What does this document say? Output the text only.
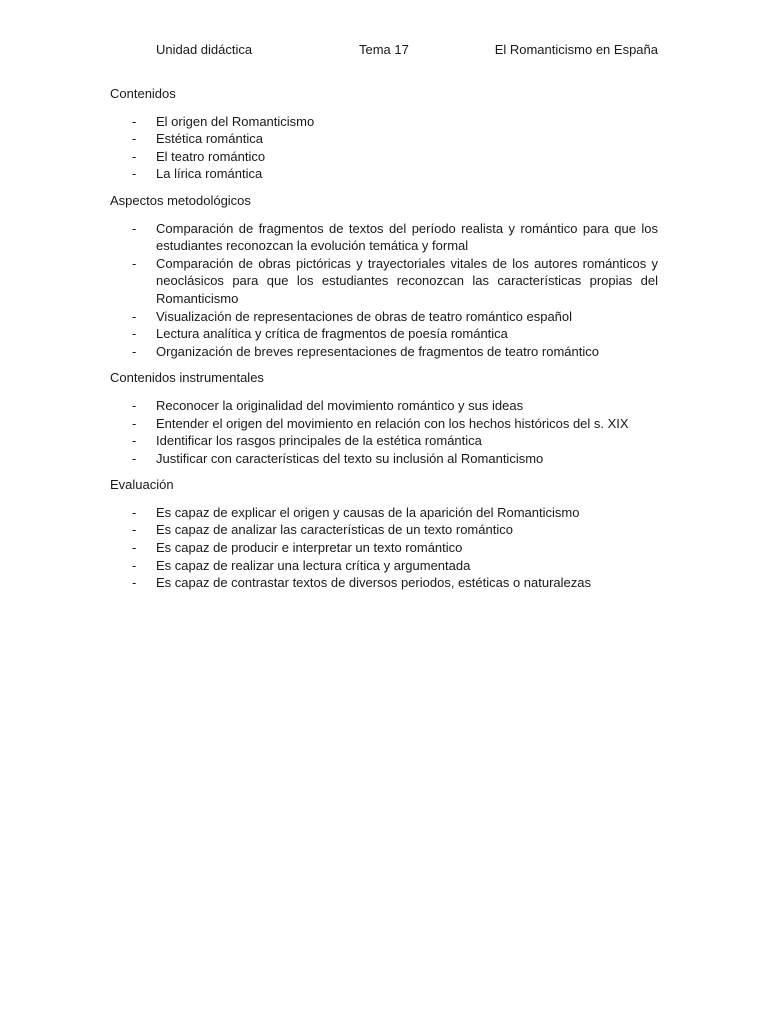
Unidad didáctica	Tema 17	El Romanticismo en España

Contenidos

- El origen del Romanticismo
- Estética romántica
- El teatro romántico
- La lírica romántica

Aspectos metodológicos

- Comparación de fragmentos de textos del período realista y romántico para que los estudiantes reconozcan la evolución temática y formal
- Comparación de obras pictóricas y trayectoriales vitales de los autores románticos y neoclásicos para que los estudiantes reconozcan las características propias del Romanticismo
- Visualización de representaciones de obras de teatro romántico español
- Lectura analítica y crítica de fragmentos de poesía romántica
- Organización de breves representaciones de fragmentos de teatro romántico

Contenidos instrumentales

- Reconocer la originalidad del movimiento romántico y sus ideas
- Entender el origen del movimiento en relación con los hechos históricos del s. XIX
- Identificar los rasgos principales de la estética romántica
- Justificar con características del texto su inclusión al Romanticismo

Evaluación

- Es capaz de explicar el origen y causas de la aparición del Romanticismo
- Es capaz de analizar las características de un texto romántico
- Es capaz de producir e interpretar un texto romántico
- Es capaz de realizar una lectura crítica y argumentada
- Es capaz de contrastar textos de diversos periodos, estéticas o naturalezas
